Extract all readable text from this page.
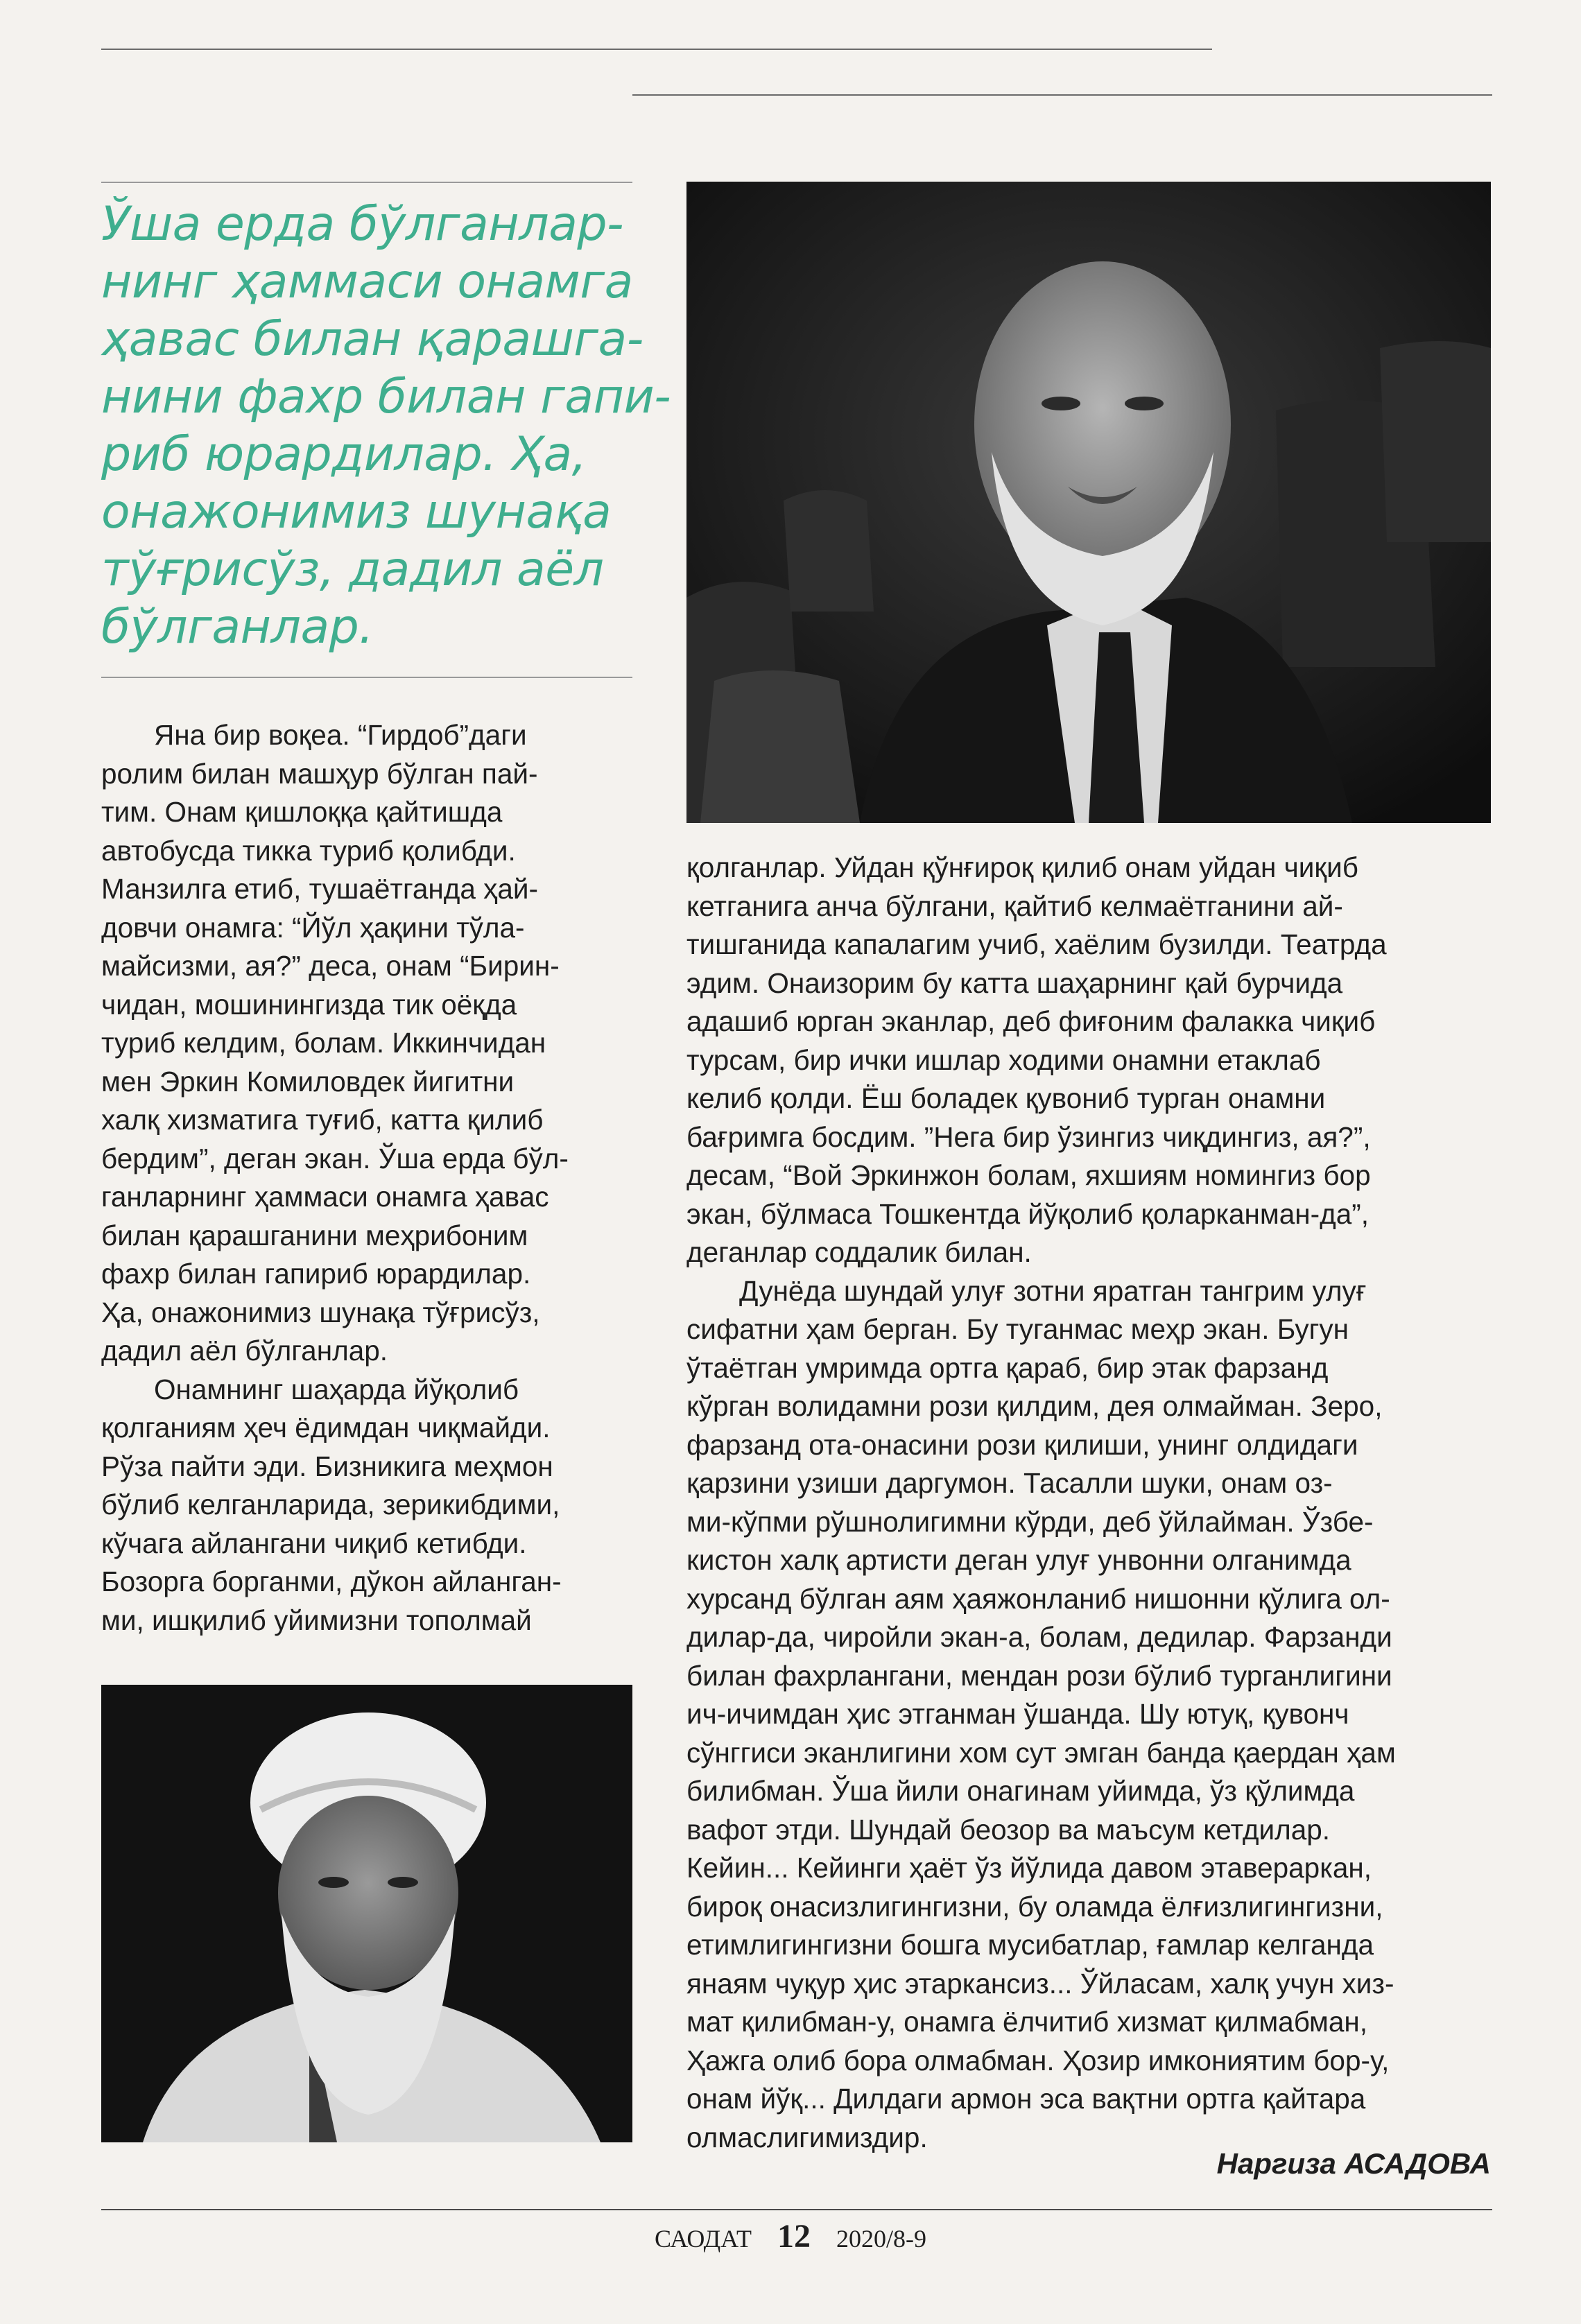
Ўша ерда бўлганлар-
нинг ҳаммаси онамга
ҳавас билан қарашга-
нини фахр билан гапи-
риб юрардилар. Ҳа,
онажонимиз шунақа
тўғрисўз, дадил аёл
бўлганлар.
Яна бир воқеа. “Гирдоб”даги
ролим билан машҳур бўлган пай-
тим. Онам қишлоққа қайтишда
автобусда тикка туриб қолибди.
Манзилга етиб, тушаётганда ҳай-
довчи онамга: “Йўл ҳақини тўла-
майсизми, ая?” деса, онам “Бирин-
чидан, мошинингизда тик оёқда
туриб келдим, болам. Иккинчидан
мен Эркин Комиловдек йигитни
халқ хизматига туғиб, катта қилиб
бердим”, деган экан. Ўша ерда бўл-
ганларнинг ҳаммаси онамга ҳавас
билан қарашганини меҳрибоним
фахр билан гапириб юрардилар.
Ҳа, онажонимиз шунақа тўғрисўз,
дадил аёл бўлганлар.
Онамнинг шаҳарда йўқолиб
қолганиям ҳеч ёдимдан чиқмайди.
Рўза пайти эди. Бизникига меҳмон
бўлиб келганларида, зерикибдими,
кўчага айлангани чиқиб кетибди.
Бозорга борганми, дўкон айланган-
ми, ишқилиб уйимизни тополмай
қолганлар. Уйдан қўнғироқ қилиб онам уйдан чиқиб
кетганига анча бўлгани, қайтиб келмаётганини ай-
тишганида капалагим учиб, хаёлим бузилди. Театрда
эдим. Онаизорим бу катта шаҳарнинг қай бурчида
адашиб юрган эканлар, деб фиғоним фалакка чиқиб
турсам, бир ички ишлар ходими онамни етаклаб
келиб қолди. Ёш боладек қувониб турган онамни
бағримга босдим. ”Нега бир ўзингиз чиқдингиз, ая?”,
десам, “Вой Эркинжон болам, яхшиям номингиз бор
экан, бўлмаса Тошкентда йўқолиб қоларканман-да”,
деганлар соддалик билан.
Дунёда шундай улуғ зотни яратган тангрим улуғ
сифатни ҳам берган. Бу туганмас меҳр экан. Бугун
ўтаётган умримда ортга қараб, бир этак фарзанд
кўрган волидамни рози қилдим, дея олмайман. Зеро,
фарзанд ота-онасини рози қилиши, унинг олдидаги
қарзини узиши даргумон. Тасалли шуки, онам оз-
ми-кўпми рўшнолигимни кўрди, деб ўйлайман. Ўзбе-
кистон халқ артисти деган улуғ унвонни олганимда
хурсанд бўлган аям ҳаяжонланиб нишонни қўлига ол-
дилар-да, чиройли экан-а, болам, дедилар. Фарзанди
билан фахрлангани, мендан рози бўлиб турганлигини
ич-ичимдан ҳис этганман ўшанда. Шу ютуқ, қувонч
сўнггиси эканлигини хом сут эмган банда қаердан ҳам
билибман. Ўша йили онагинам уйимда, ўз қўлимда
вафот этди. Шундай беозор ва маъсум кетдилар.
Кейин... Кейинги ҳаёт ўз йўлида давом этавераркан,
бироқ онасизлигингизни, бу оламда ёлғизлигингизни,
етимлигингизни бошга мусибатлар, ғамлар келганда
янаям чуқур ҳис этаркансиз... Ўйласам, халқ учун хиз-
мат қилибман-у, онамга ёлчитиб хизмат қилмабман,
Ҳажга олиб бора олмабман. Ҳозир имкониятим бор-у,
онам йўқ... Дилдаги армон эса вақтни ортга қайтара
олмаслигимиздир.
Наргиза АСАДОВА
САОДАТ 12 2020/8-9
